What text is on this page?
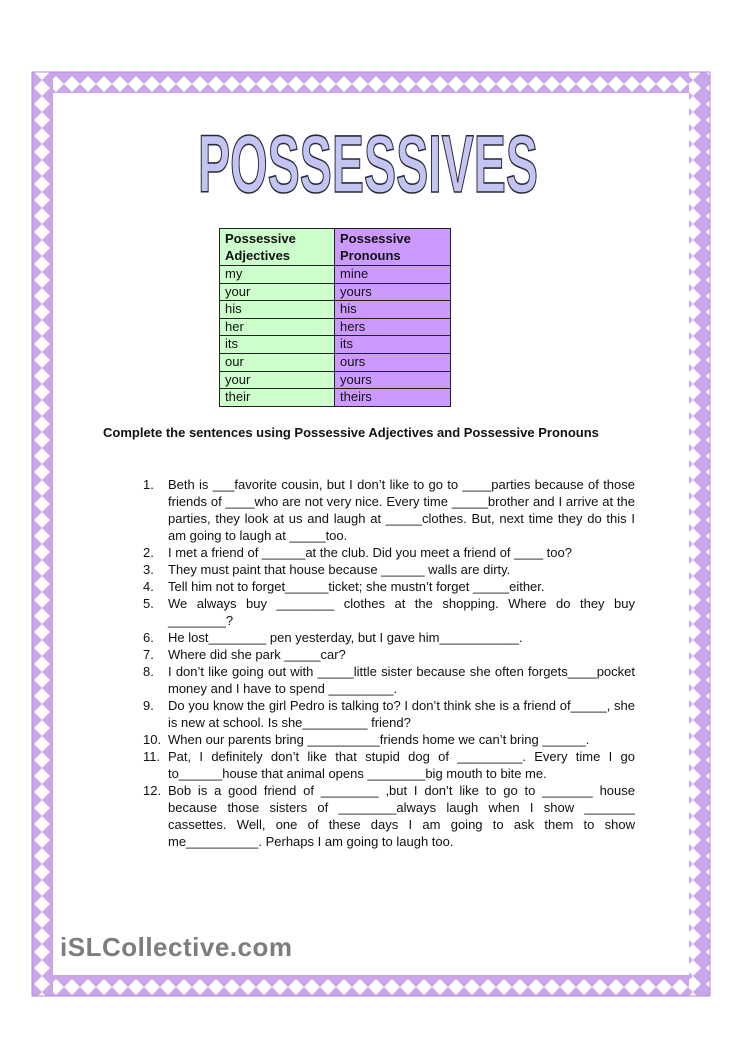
POSSESSIVES
Possessive Adjectives	Possessive Pronouns
my	mine
your	yours
his	his
her	hers
its	its
our	ours
your	yours
their	theirs

Complete the sentences using Possessive Adjectives and Possessive Pronouns

1. Beth is ___favorite cousin, but I don’t like to go to ____parties because of those friends of ____who are not very nice. Every time _____brother and I arrive at the parties, they look at us and laugh at _____clothes. But, next time they do this I am going to laugh at _____too.
2. I met a friend of ______at the club. Did you meet a friend of ____ too?
3. They must paint that house because ______ walls are dirty.
4. Tell him not to forget______ticket; she mustn’t forget _____either.
5. We always buy ________ clothes at the shopping. Where do they buy ________?
6. He lost________ pen yesterday, but I gave him___________.
7. Where did she park _____car?
8. I don’t like going out with _____little sister because she often forgets____pocket money and I have to spend _________.
9. Do you know the girl Pedro is talking to? I don’t think she is a friend of_____, she is new at school. Is she_________ friend?
10. When our parents bring __________friends home we can’t bring ______.
11. Pat, I definitely don’t like that stupid dog of _________. Every time I go to______house that animal opens ________big mouth to bite me.
12. Bob is a good friend of ________ ,but I don’t like to go to _______ house because those sisters of ________always laugh when I show _______ cassettes. Well, one of these days I am going to ask them to show me__________. Perhaps I am going to laugh too.
iSLCollective.com
